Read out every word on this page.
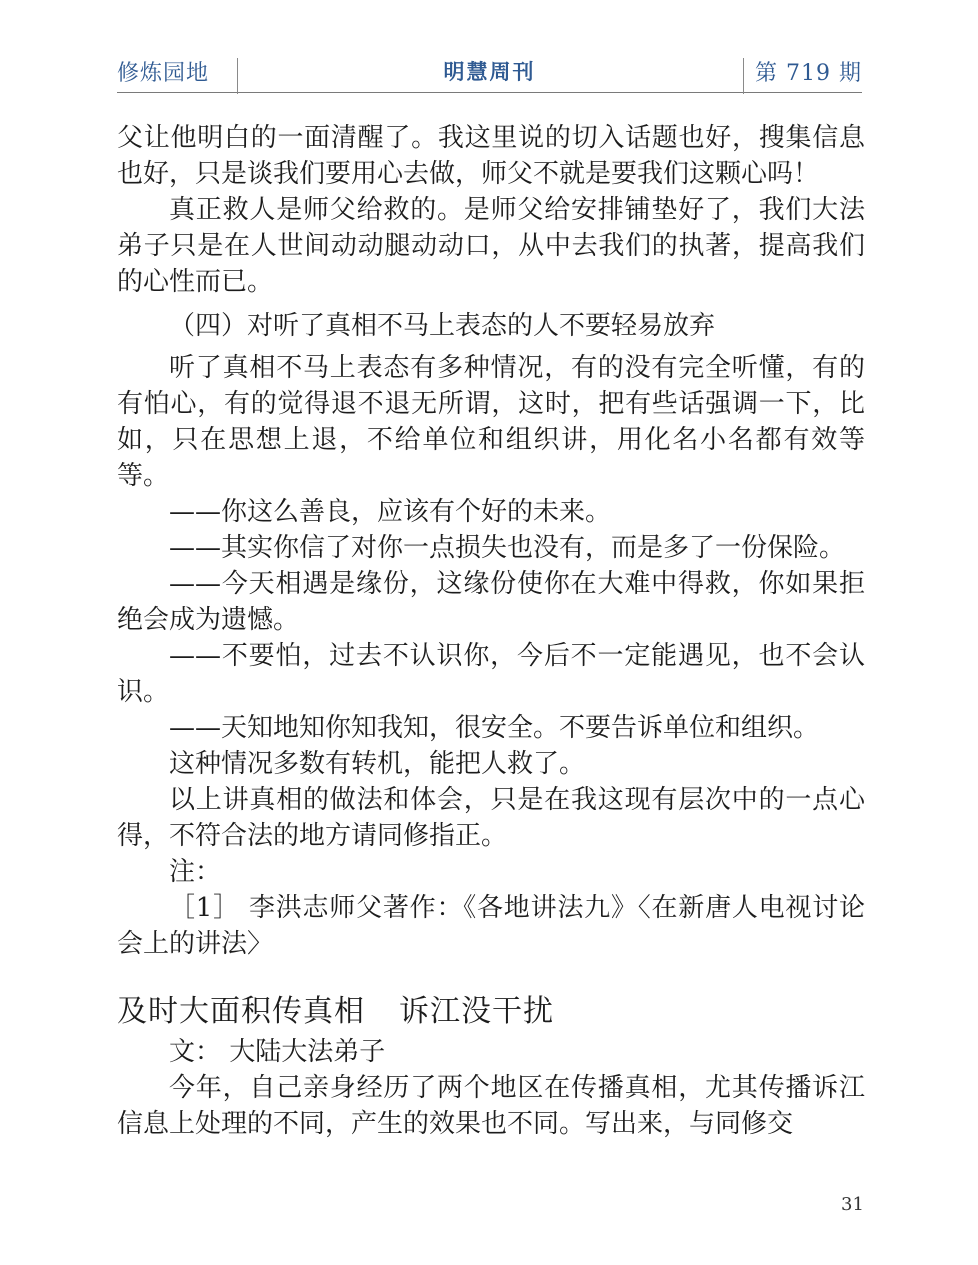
修炼园地	明慧周刊	第 719 期

父让他明白的一面清醒了。我这里说的切入话题也好，搜集信息也好，只是谈我们要用心去做，师父不就是要我们这颗心吗！

真正救人是师父给救的。是师父给安排铺垫好了，我们大法弟子只是在人世间动动腿动动口，从中去我们的执著，提高我们的心性而已。

（四）对听了真相不马上表态的人不要轻易放弃

听了真相不马上表态有多种情况，有的没有完全听懂，有的有怕心，有的觉得退不退无所谓，这时，把有些话强调一下，比如，只在思想上退，不给单位和组织讲，用化名小名都有效等等。

——你这么善良，应该有个好的未来。

——其实你信了对你一点损失也没有，而是多了一份保险。

——今天相遇是缘份，这缘份使你在大难中得救，你如果拒绝会成为遗憾。

——不要怕，过去不认识你，今后不一定能遇见，也不会认识。

——天知地知你知我知，很安全。不要告诉单位和组织。

这种情况多数有转机，能把人救了。

以上讲真相的做法和体会，只是在我这现有层次中的一点心得，不符合法的地方请同修指正。

注：

［1］ 李洪志师父著作：《各地讲法九》〈在新唐人电视讨论会上的讲法〉

及时大面积传真相 诉江没干扰

文： 大陆大法弟子

今年，自己亲身经历了两个地区在传播真相，尤其传播诉江信息上处理的不同，产生的效果也不同。写出来，与同修交

31
